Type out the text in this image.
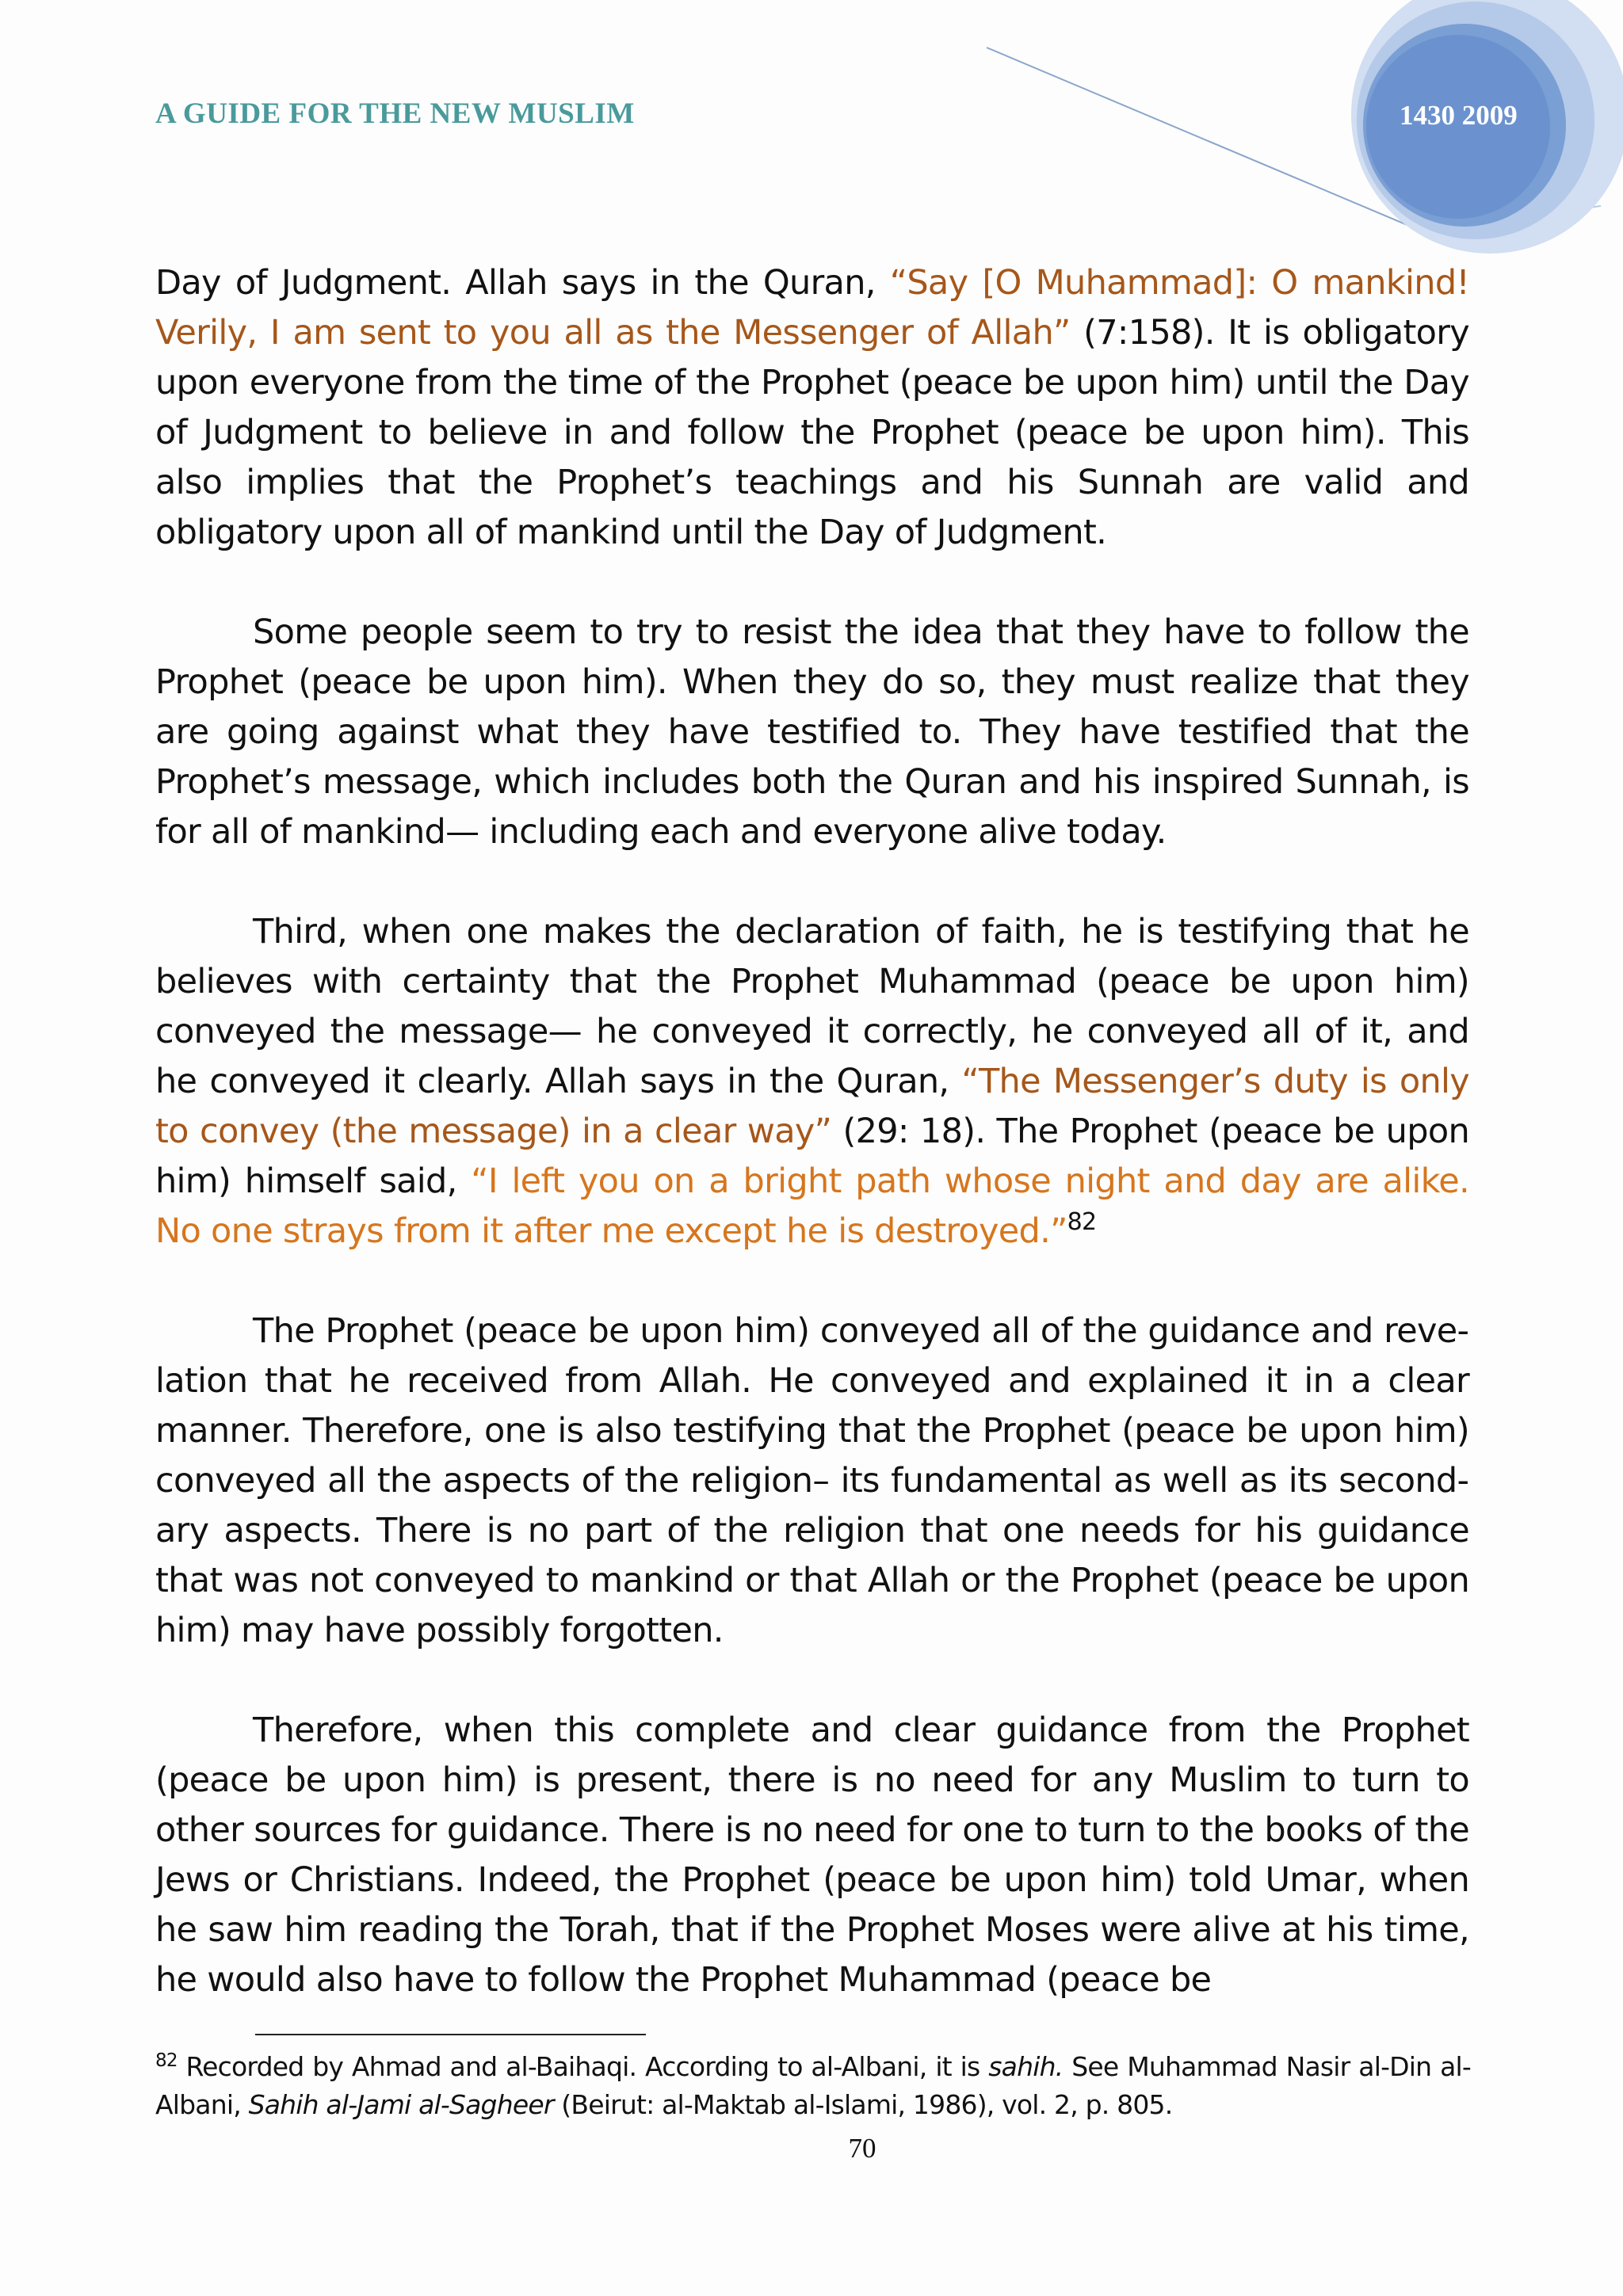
A GUIDE FOR THE NEW MUSLIM	1430 2009

Day of Judgment. Allah says in the Quran, “Say [O Muhammad]: O mankind! Verily, I am sent to you all as the Messenger of Allah” (7:158). It is obligatory upon everyone from the time of the Prophet (peace be upon him) until the Day of Judgment to believe in and follow the Prophet (peace be upon him). This also implies that the Prophet’s teachings and his Sunnah are valid and obligatory upon all of mankind until the Day of Judgment.

Some people seem to try to resist the idea that they have to follow the Prophet (peace be upon him). When they do so, they must realize that they are going against what they have testified to. They have testified that the Prophet’s message, which includes both the Quran and his inspired Sunnah, is for all of mankind— including each and everyone alive today.

Third, when one makes the declaration of faith, he is testifying that he believes with certainty that the Prophet Muhammad (peace be upon him) conveyed the message— he conveyed it correctly, he conveyed all of it, and he conveyed it clearly. Allah says in the Quran, “The Messenger’s duty is only to convey (the message) in a clear way” (29: 18). The Prophet (peace be upon him) himself said, “I left you on a bright path whose night and day are alike. No one strays from it after me except he is destroyed.”$^{82}$

The Prophet (peace be upon him) conveyed all of the guidance and revelation that he received from Allah. He conveyed and explained it in a clear manner. Therefore, one is also testifying that the Prophet (peace be upon him) conveyed all the aspects of the religion– its fundamental as well as its secondary aspects. There is no part of the religion that one needs for his guidance that was not conveyed to mankind or that Allah or the Prophet (peace be upon him) may have possibly forgotten.

Therefore, when this complete and clear guidance from the Prophet (peace be upon him) is present, there is no need for any Muslim to turn to other sources for guidance. There is no need for one to turn to the books of the Jews or Christians. Indeed, the Prophet (peace be upon him) told Umar, when he saw him reading the Torah, that if the Prophet Moses were alive at his time, he would also have to follow the Prophet Muhammad (peace be

$^{82}$ Recorded by Ahmad and al-Baihaqi. According to al-Albani, it is sahih. See Muhammad Nasir al-Din al-Albani, Sahih al-Jami al-Sagheer (Beirut: al-Maktab al-Islami, 1986), vol. 2, p. 805.
70
